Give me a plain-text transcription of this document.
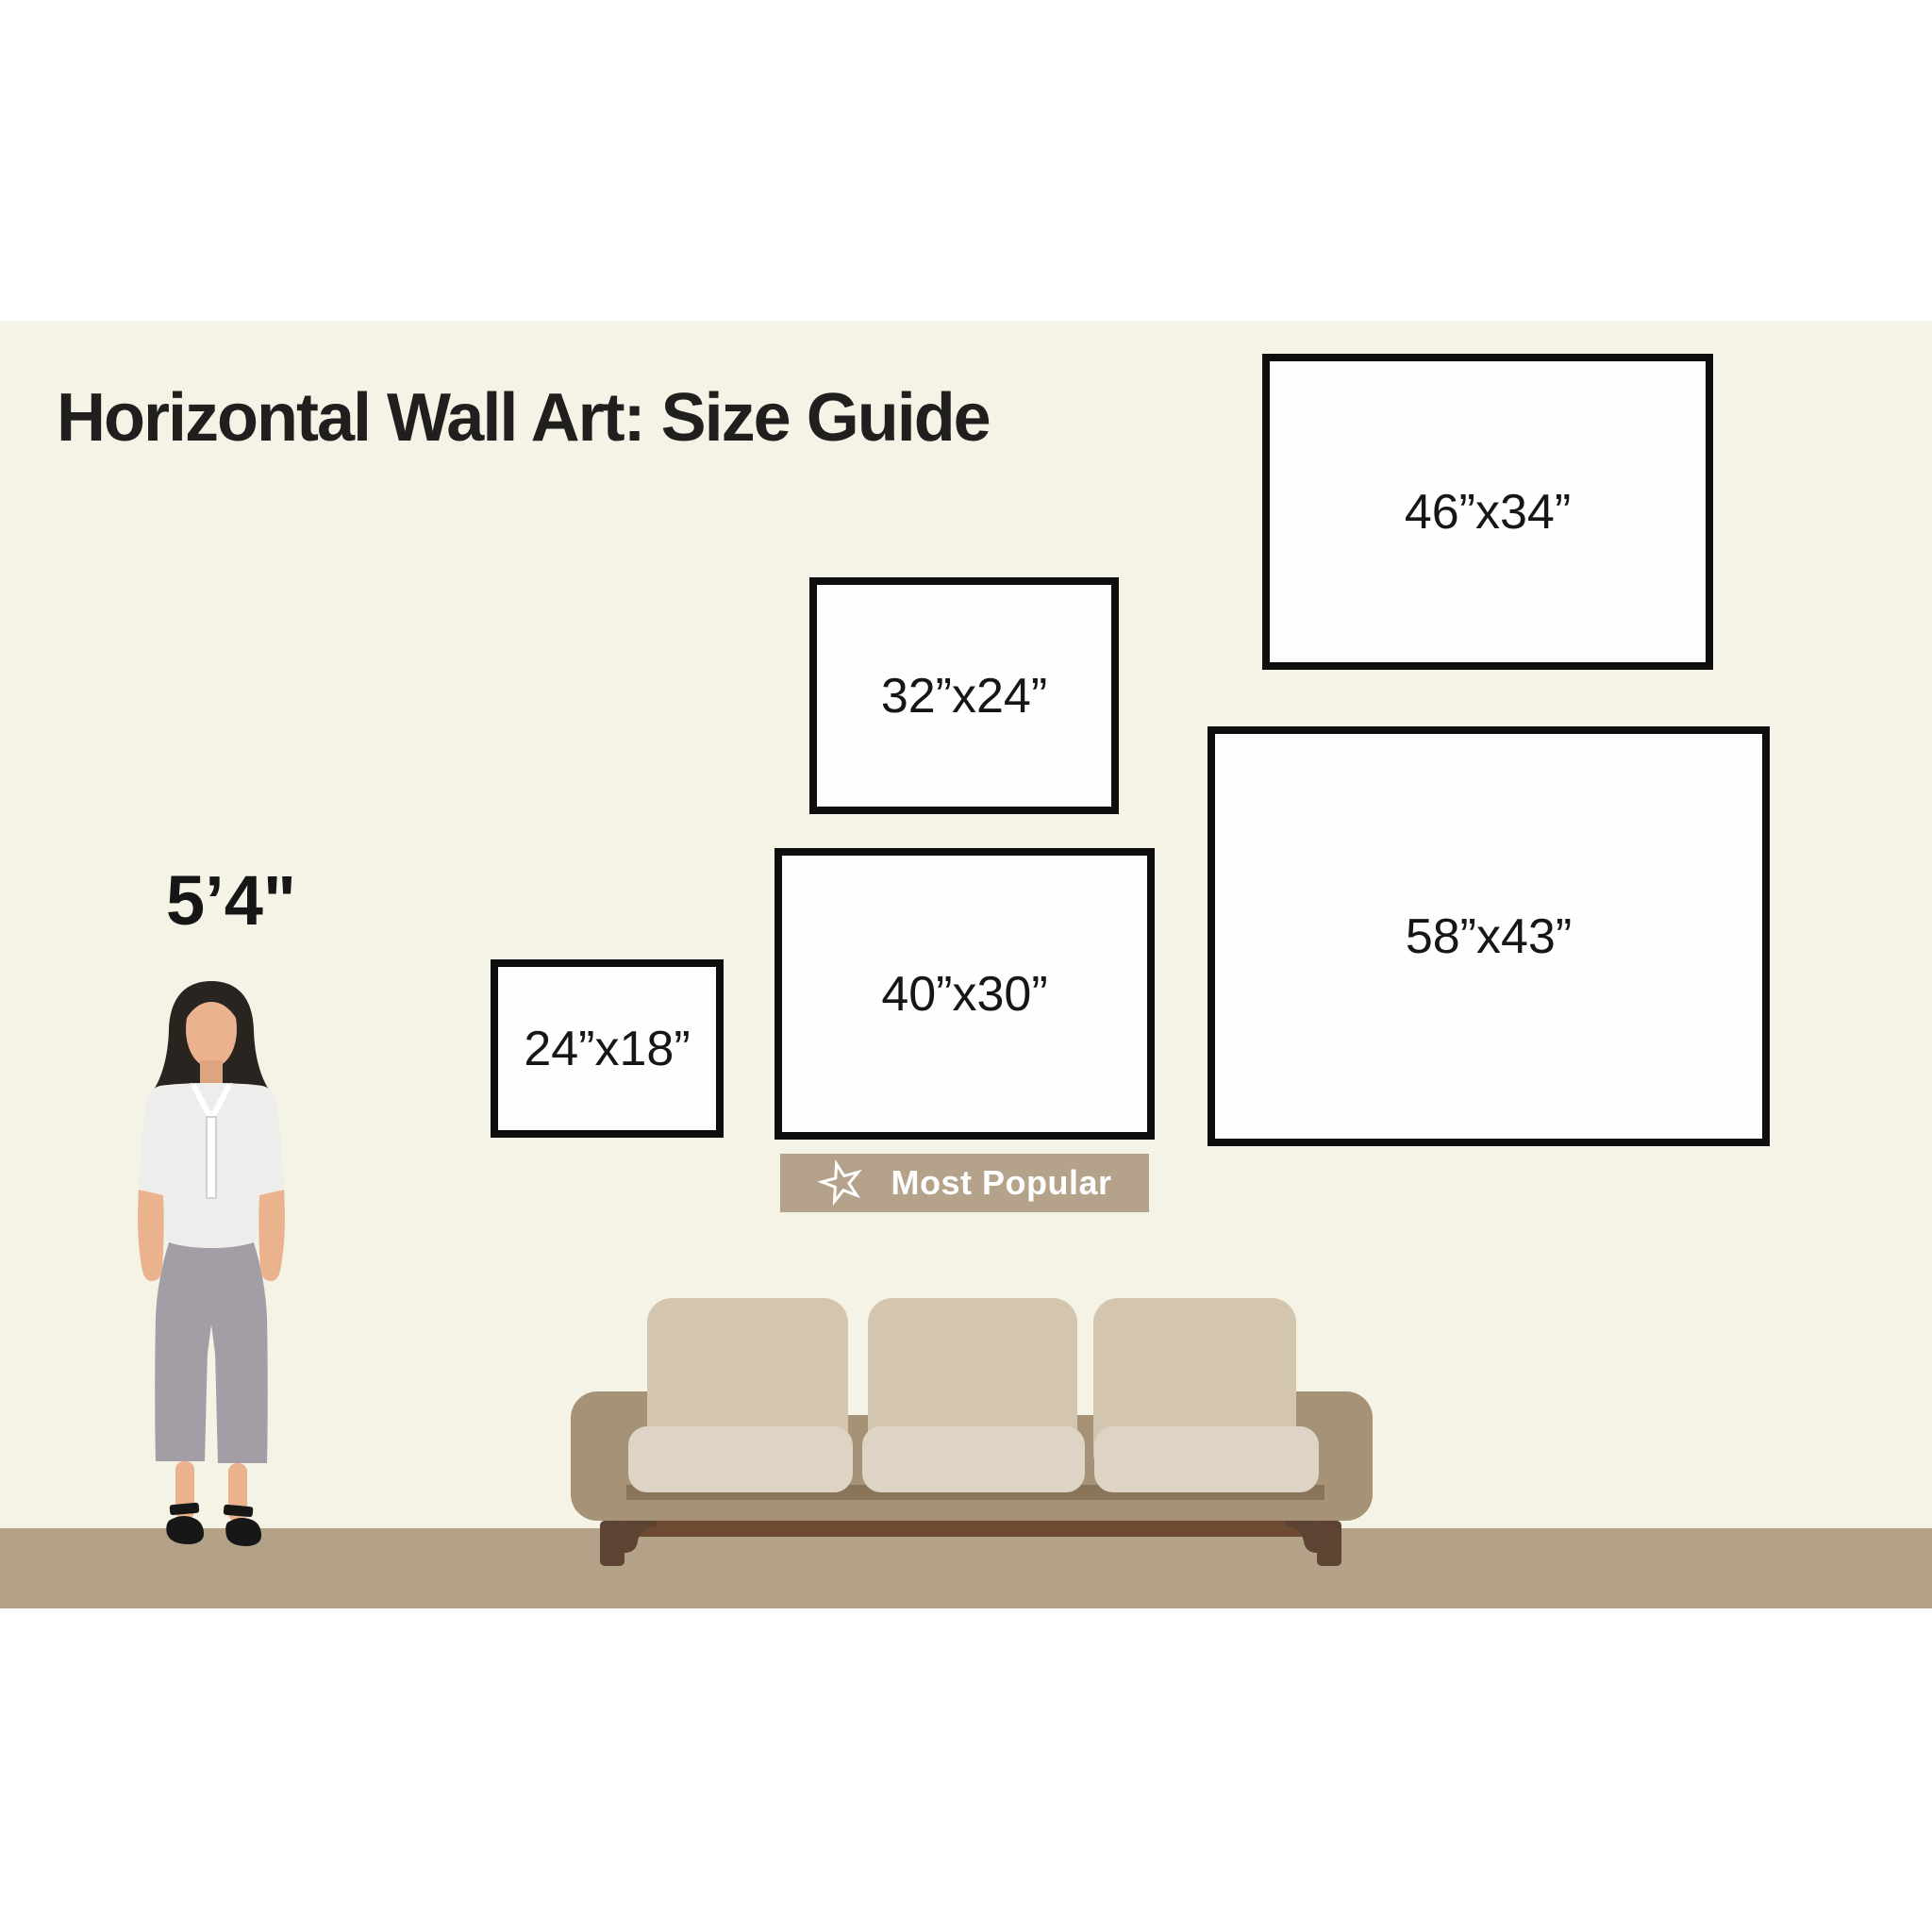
Horizontal Wall Art: Size Guide
5’4"
46”x34”
32”x24”
58”x43”
40”x30”
24”x18”
Most Popular
